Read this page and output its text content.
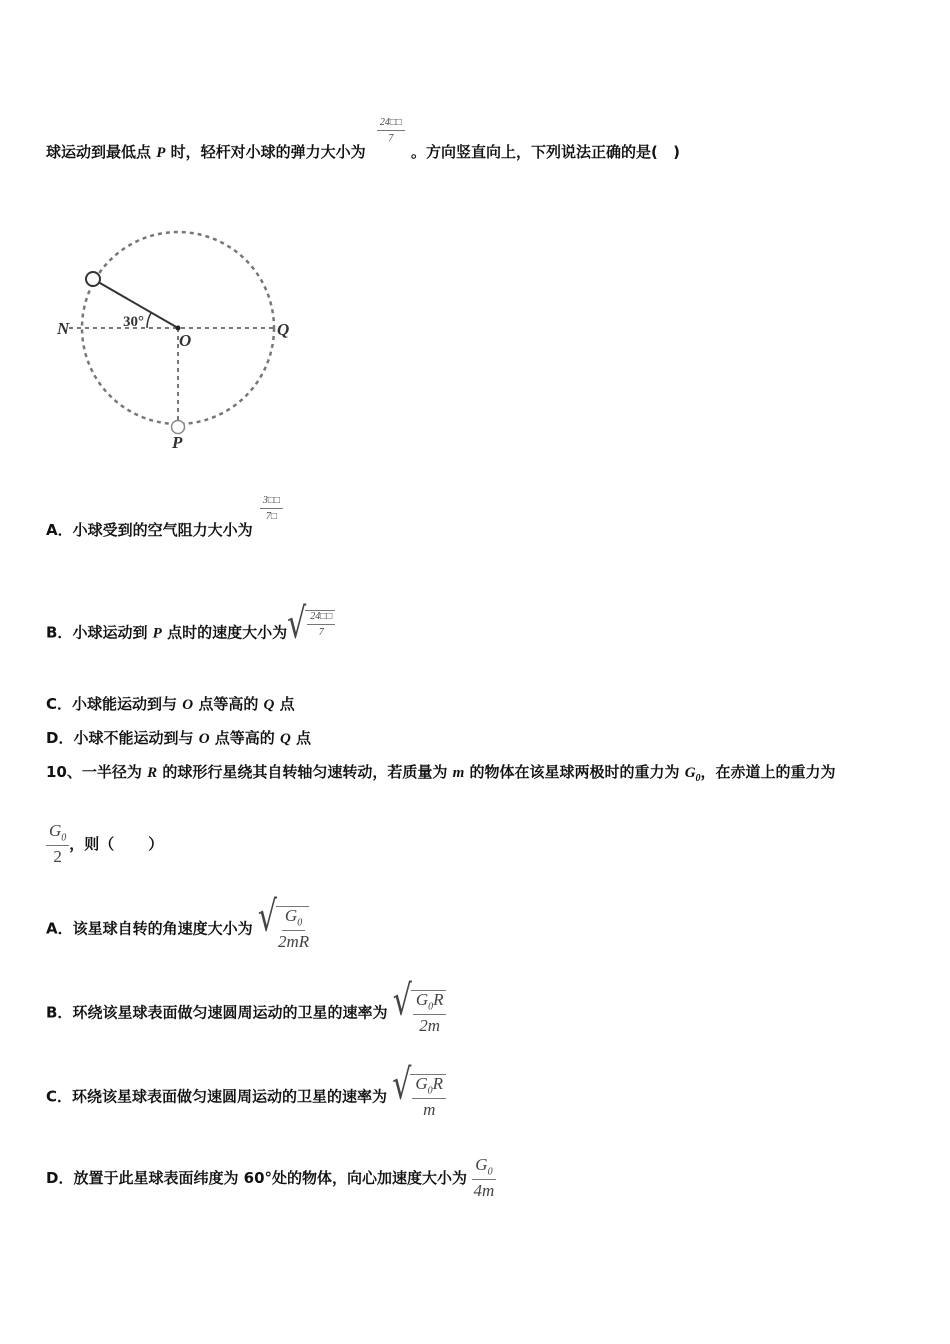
球运动到最低点 P 时，轻杆对小球的弹力大小为
$\frac{24□□}{7}$
。方向竖直向上，下列说法正确的是( )
30°
N
O
Q
P
A．小球受到的空气阻力大小为
$\frac{3□□}{7□}$
B．小球运动到 P 点时的速度大小为 √ $\frac{24□□}{7}$
C．小球能运动到与 O 点等高的 Q 点
D．小球不能运动到与 O 点等高的 Q 点
10、一半径为 R 的球形行星绕其自转轴匀速转动，若质量为 m 的物体在该星球两极时的重力为 $G_0$，在赤道上的重力为
$\frac{G_0}{2}$ ，则（ ）
A．该星球自转的角速度大小为 √ $\frac{G_0}{2mR}$
B．环绕该星球表面做匀速圆周运动的卫星的速率为 √ $\frac{G_0R}{2m}$
C．环绕该星球表面做匀速圆周运动的卫星的速率为 √ $\frac{G_0R}{m}$
D．放置于此星球表面纬度为 60°处的物体，向心加速度大小为 $\frac{G_0}{4m}$
